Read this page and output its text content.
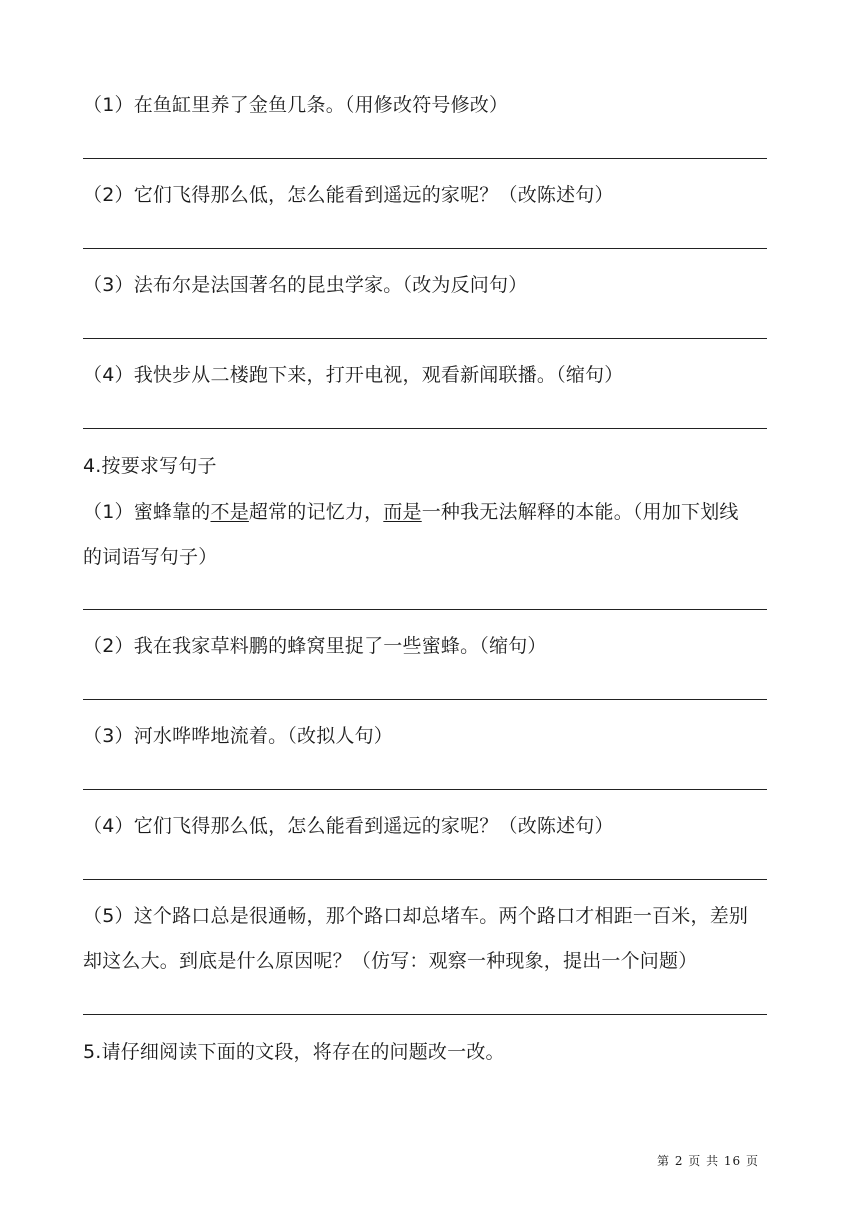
（1）在鱼缸里养了金鱼几条。（用修改符号修改）
（2）它们飞得那么低，怎么能看到遥远的家呢？（改陈述句）
（3）法布尔是法国著名的昆虫学家。（改为反问句）
（4）我快步从二楼跑下来，打开电视，观看新闻联播。（缩句）
4.按要求写句子
（1）蜜蜂靠的不是超常的记忆力，而是一种我无法解释的本能。（用加下划线
的词语写句子）
（2）我在我家草料鹏的蜂窝里捉了一些蜜蜂。（缩句）
（3）河水哗哗地流着。（改拟人句）
（4）它们飞得那么低，怎么能看到遥远的家呢？（改陈述句）
（5）这个路口总是很通畅，那个路口却总堵车。两个路口才相距一百米，差别
却这么大。到底是什么原因呢？（仿写：观察一种现象，提出一个问题）
5.请仔细阅读下面的文段，将存在的问题改一改。
第 2 页 共 16 页
